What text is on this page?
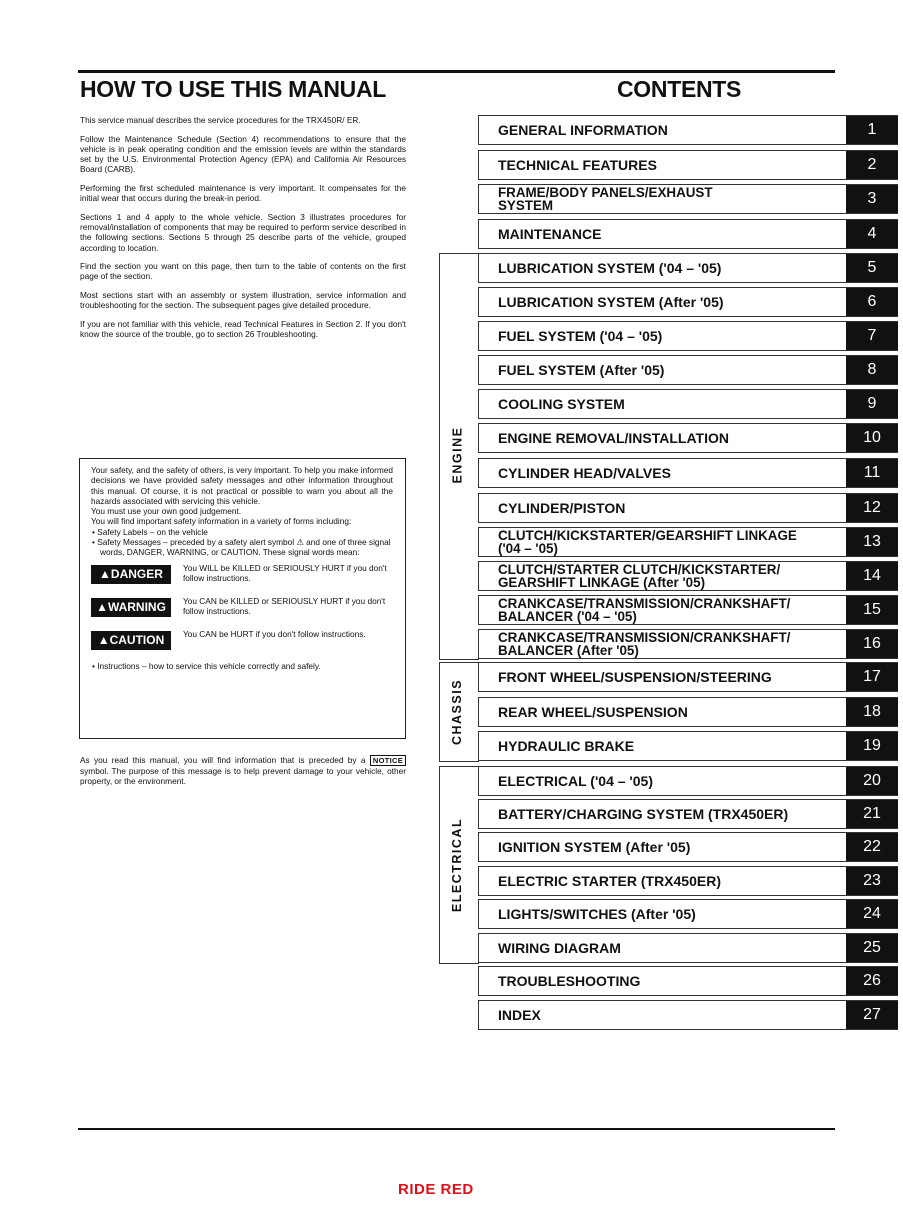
HOW TO USE THIS MANUAL	CONTENTS

This service manual describes the service procedures for the TRX450R/ ER.

Follow the Maintenance Schedule (Section 4) recommendations to ensure that the vehicle is in peak operating condition and the emission levels are within the standards set by the U.S. Environmental Protection Agency (EPA) and California Air Resources Board (CARB).

Performing the first scheduled maintenance is very important. It compensates for the initial wear that occurs during the break-in period.

Sections 1 and 4 apply to the whole vehicle. Section 3 illustrates procedures for removal/installation of components that may be required to perform service described in the following sections. Sections 5 through 25 describe parts of the vehicle, grouped according to location.

Find the section you want on this page, then turn to the table of contents on the first page of the section.

Most sections start with an assembly or system illustration, service information and troubleshooting for the section. The subsequent pages give detailed procedure.

If you are not familiar with this vehicle, read Technical Features in Section 2. If you don't know the source of the trouble, go to section 26 Troubleshooting.

Your safety, and the safety of others, is very important. To help you make informed decisions we have provided safety messages and other information throughout this manual. Of course, it is not practical or possible to warn you about all the hazards associated with servicing this vehicle.

You must use your own good judgement.

You will find important safety information in a variety of forms including:

• Safety Labels – on the vehicle

• Safety Messages – preceded by a safety alert symbol ⚠ and one of three signal words, DANGER, WARNING, or CAUTION. These signal words mean:

▲DANGER	You WILL be KILLED or SERIOUSLY HURT if you don't follow instructions.
▲WARNING	You CAN be KILLED or SERIOUSLY HURT if you don't follow instructions.
▲CAUTION	You CAN be HURT if you don't follow instructions.

• Instructions – how to service this vehicle correctly and safely.

As you read this manual, you will find information that is preceded by a NOTICE symbol. The purpose of this message is to help prevent damage to your vehicle, other property, or the environment.
ENGINE
CHASSIS
ELECTRICAL
GENERAL INFORMATION	1
TECHNICAL FEATURES	2
FRAME/BODY PANELS/EXHAUST
SYSTEM	3
MAINTENANCE	4
LUBRICATION SYSTEM ('04 – '05)	5
LUBRICATION SYSTEM (After '05)	6
FUEL SYSTEM ('04 – '05)	7
FUEL SYSTEM (After '05)	8
COOLING SYSTEM	9
ENGINE REMOVAL/INSTALLATION	10
CYLINDER HEAD/VALVES	11
CYLINDER/PISTON	12
CLUTCH/KICKSTARTER/GEARSHIFT LINKAGE
('04 – '05)	13
CLUTCH/STARTER CLUTCH/KICKSTARTER/
GEARSHIFT LINKAGE (After '05)	14
CRANKCASE/TRANSMISSION/CRANKSHAFT/
BALANCER ('04 – '05)	15
CRANKCASE/TRANSMISSION/CRANKSHAFT/
BALANCER (After '05)	16
FRONT WHEEL/SUSPENSION/STEERING	17
REAR WHEEL/SUSPENSION	18
HYDRAULIC BRAKE	19
ELECTRICAL ('04 – '05)	20
BATTERY/CHARGING SYSTEM (TRX450ER)	21
IGNITION SYSTEM (After '05)	22
ELECTRIC STARTER (TRX450ER)	23
LIGHTS/SWITCHES (After '05)	24
WIRING DIAGRAM	25
TROUBLESHOOTING	26
INDEX	27
RIDE RED
